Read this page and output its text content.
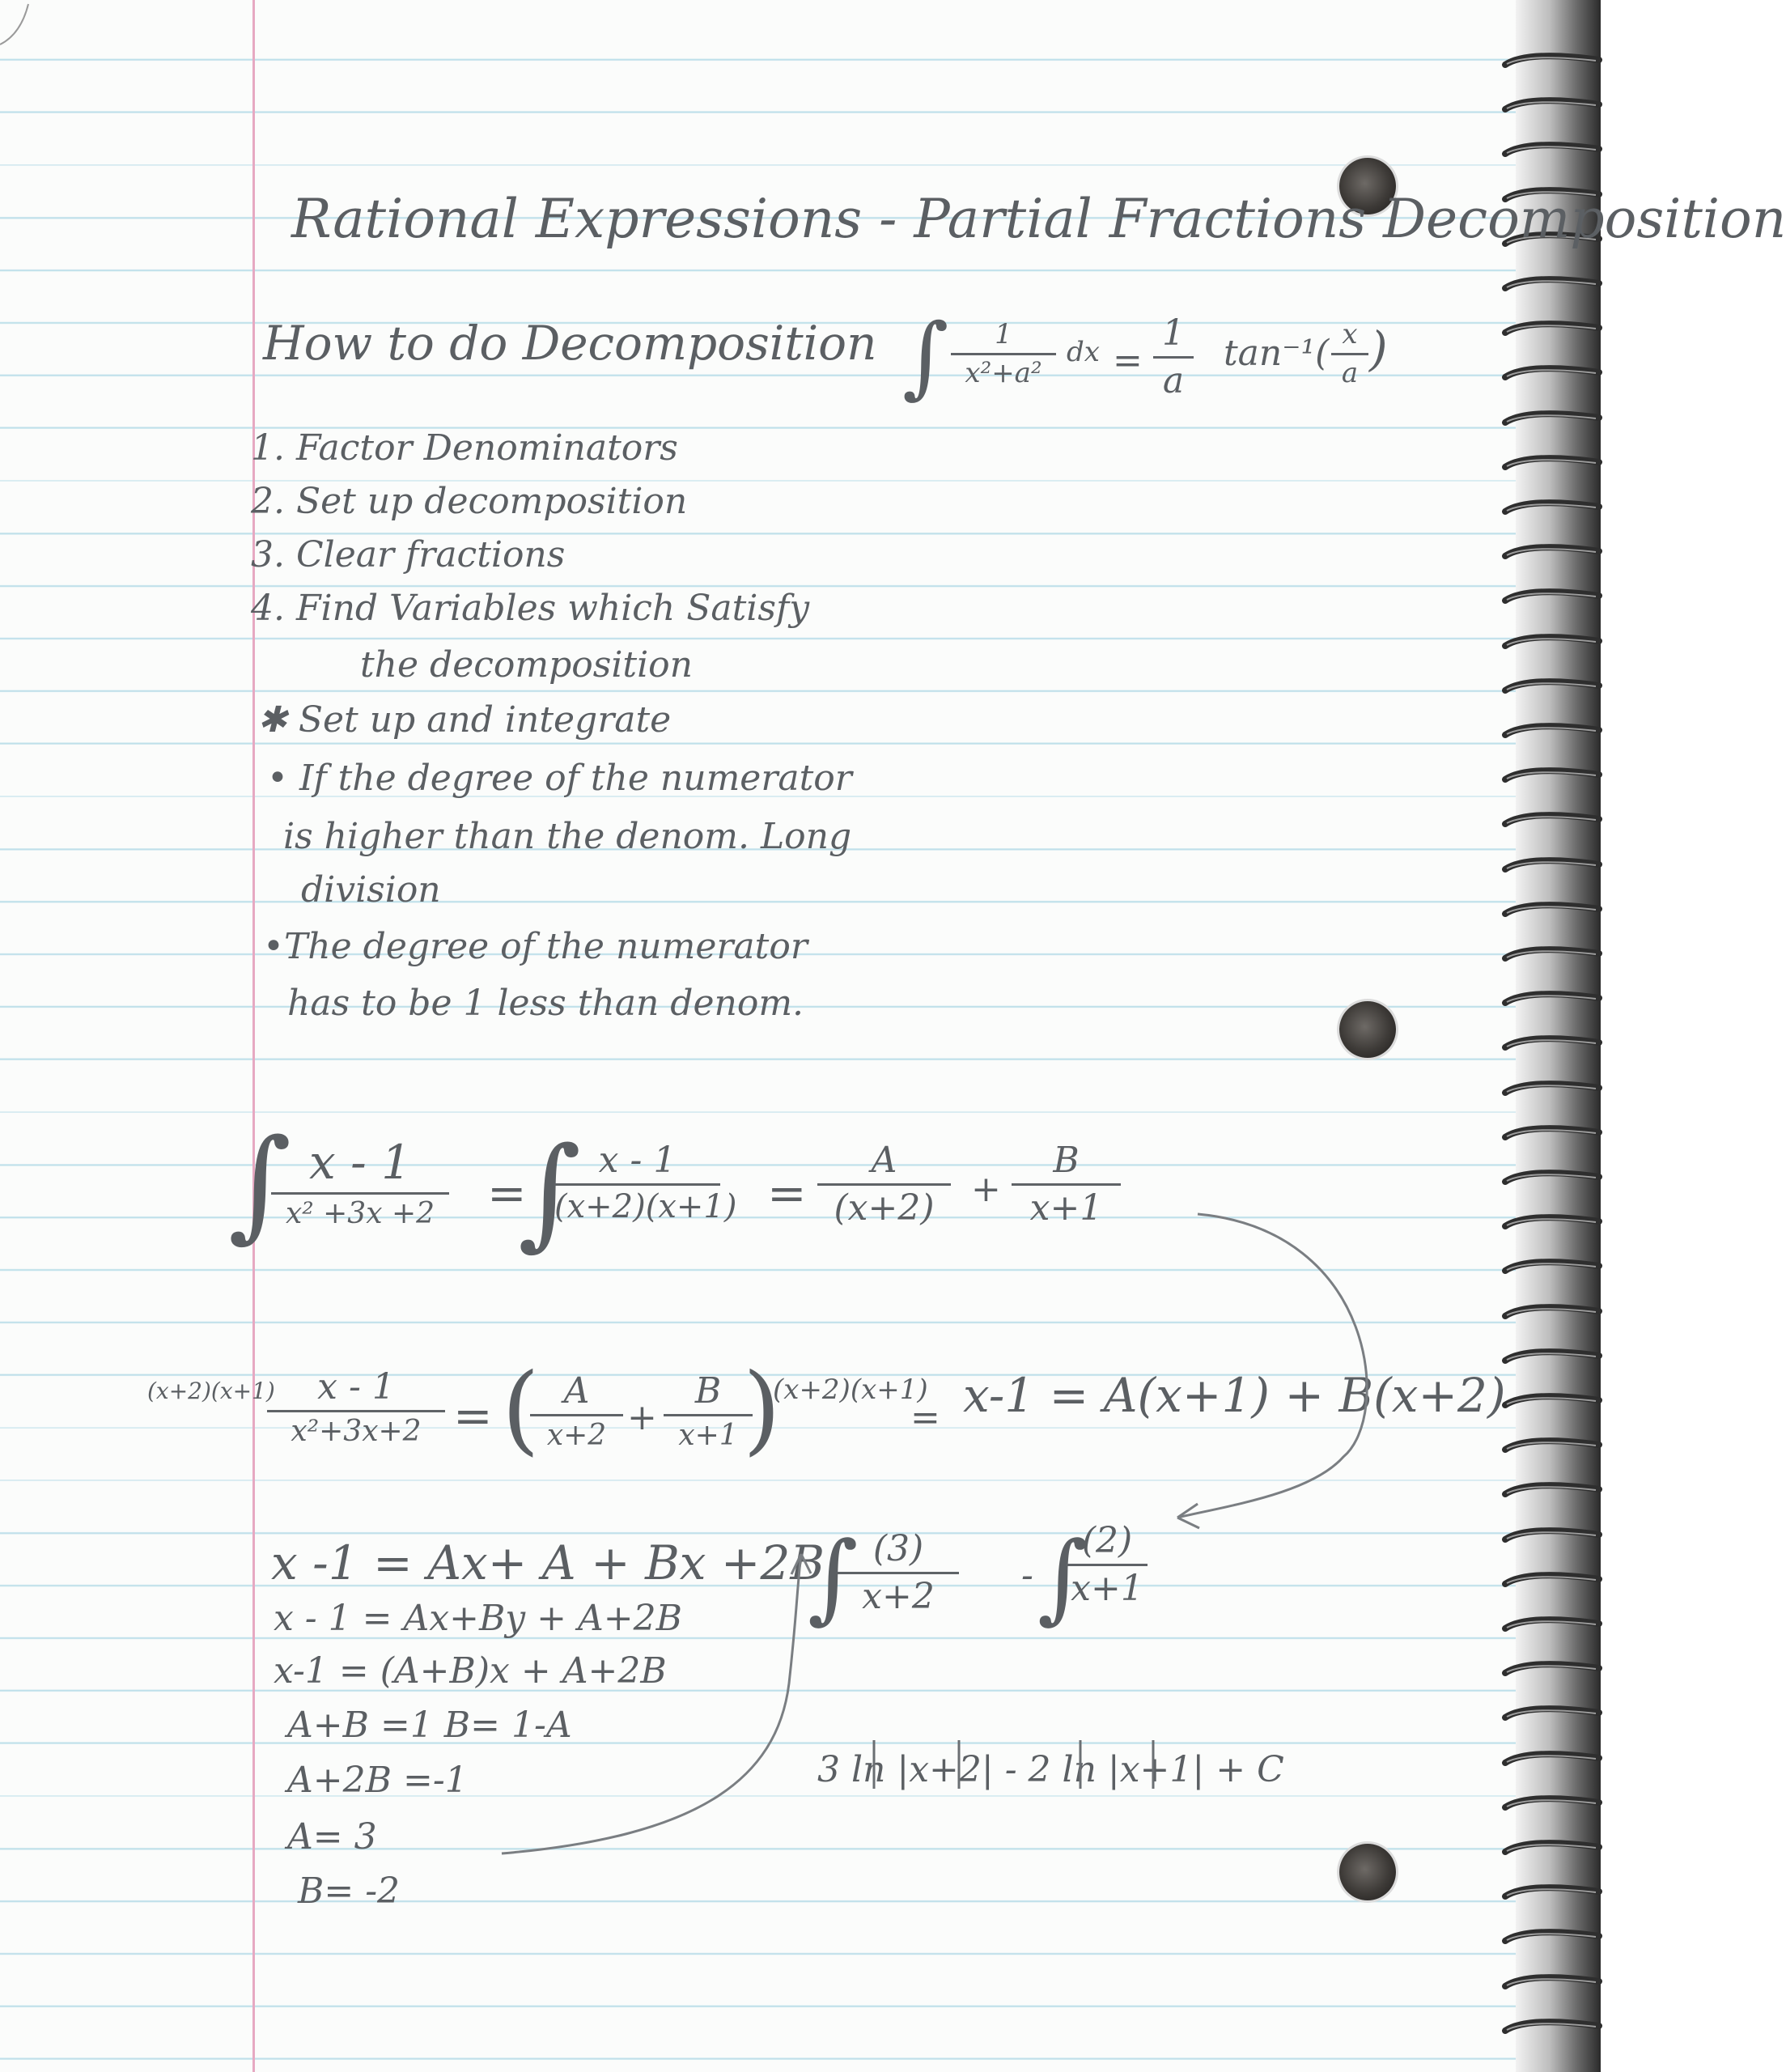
Rational Expressions - Partial Fractions Decomposition
How to do Decomposition ∫	1
x²+a²
dx =
1
a
tan⁻¹( x
a )
1. Factor Denominators
2. Set up decomposition
3. Clear fractions
4. Find Variables which Satisfy
the decomposition
✱ Set up and integrate
• If the degree of the numerator
is higher than the denom. Long
division
•The degree of the numerator
has to be 1 less than denom.
∫ x - 1
x² +3x +2	=
∫ x - 1
(x+2)(x+1) =
A
(x+2)	+
B
x+1
(x+2)(x+1)	x - 1
x²+3x+2 = ( A
x+2 +
B
x+1 )
(x+2)(x+1)
= x-1 = A(x+1) + B(x+2)
x -1 = Ax+ A + Bx +2B
x - 1 = Ax+By + A+2B
x-1 = (A+B)x + A+2B
A+B =1 B= 1-A
A+2B =-1
A= 3
B= -2
∫ (3)
x+2
- ∫
(2)
x+1
3 ln |x+2| - 2 ln |x+1| + C
